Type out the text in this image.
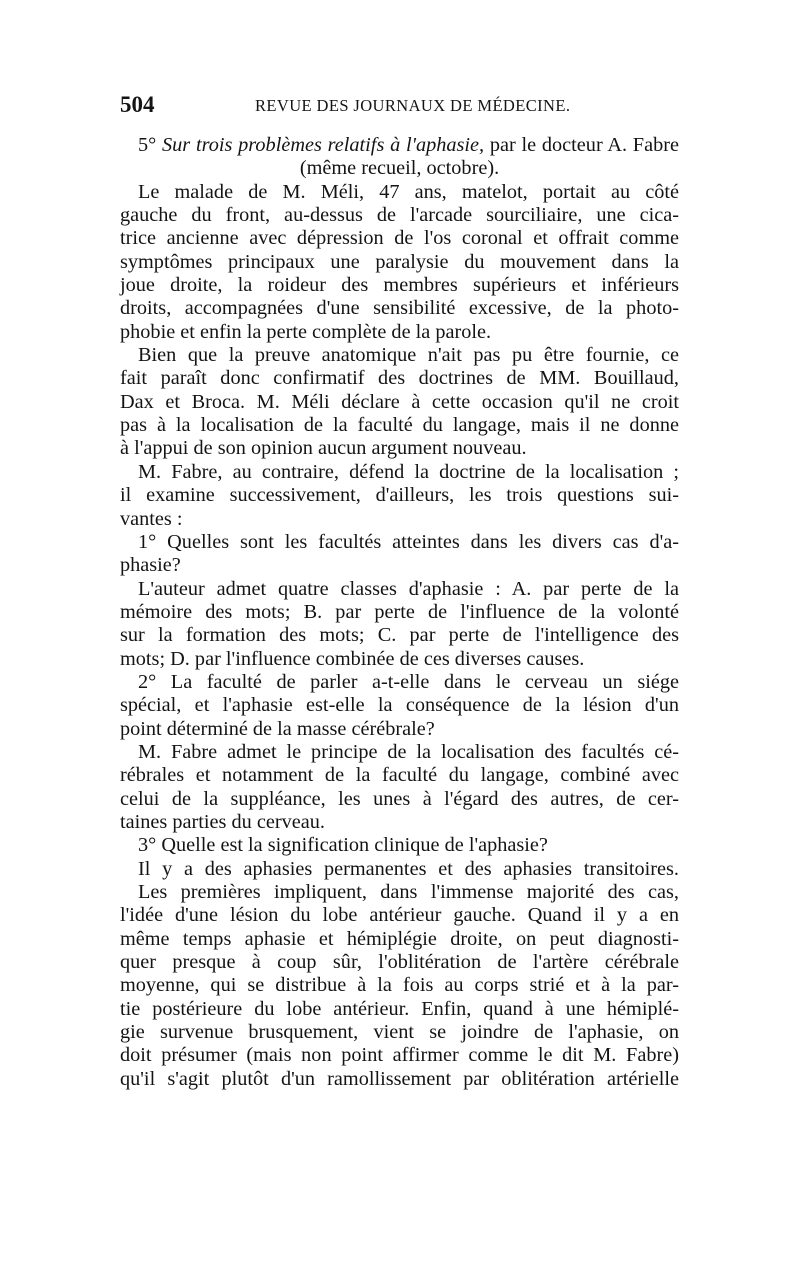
504	REVUE DES JOURNAUX DE MÉDECINE.
5° Sur trois problèmes relatifs à l'aphasie, par le docteur A. Fabre
(même recueil, octobre).
Le malade de M. Méli, 47 ans, matelot, portait au côté
gauche du front, au-dessus de l'arcade sourciliaire, une cica-
trice ancienne avec dépression de l'os coronal et offrait comme
symptômes principaux une paralysie du mouvement dans la
joue droite, la roideur des membres supérieurs et inférieurs
droits, accompagnées d'une sensibilité excessive, de la photo-
phobie et enfin la perte complète de la parole.
Bien que la preuve anatomique n'ait pas pu être fournie, ce
fait paraît donc confirmatif des doctrines de MM. Bouillaud,
Dax et Broca. M. Méli déclare à cette occasion qu'il ne croit
pas à la localisation de la faculté du langage, mais il ne donne
à l'appui de son opinion aucun argument nouveau.
M. Fabre, au contraire, défend la doctrine de la localisation ;
il examine successivement, d'ailleurs, les trois questions sui-
vantes :
1° Quelles sont les facultés atteintes dans les divers cas d'a-
phasie?
L'auteur admet quatre classes d'aphasie : A. par perte de la
mémoire des mots; B. par perte de l'influence de la volonté
sur la formation des mots; C. par perte de l'intelligence des
mots; D. par l'influence combinée de ces diverses causes.
2° La faculté de parler a-t-elle dans le cerveau un siége
spécial, et l'aphasie est-elle la conséquence de la lésion d'un
point déterminé de la masse cérébrale?
M. Fabre admet le principe de la localisation des facultés cé-
rébrales et notamment de la faculté du langage, combiné avec
celui de la suppléance, les unes à l'égard des autres, de cer-
taines parties du cerveau.
3° Quelle est la signification clinique de l'aphasie?
Il y a des aphasies permanentes et des aphasies transitoires.
Les premières impliquent, dans l'immense majorité des cas,
l'idée d'une lésion du lobe antérieur gauche. Quand il y a en
même temps aphasie et hémiplégie droite, on peut diagnosti-
quer presque à coup sûr, l'oblitération de l'artère cérébrale
moyenne, qui se distribue à la fois au corps strié et à la par-
tie postérieure du lobe antérieur. Enfin, quand à une hémiplé-
gie survenue brusquement, vient se joindre de l'aphasie, on
doit présumer (mais non point affirmer comme le dit M. Fabre)
qu'il s'agit plutôt d'un ramollissement par oblitération artérielle
